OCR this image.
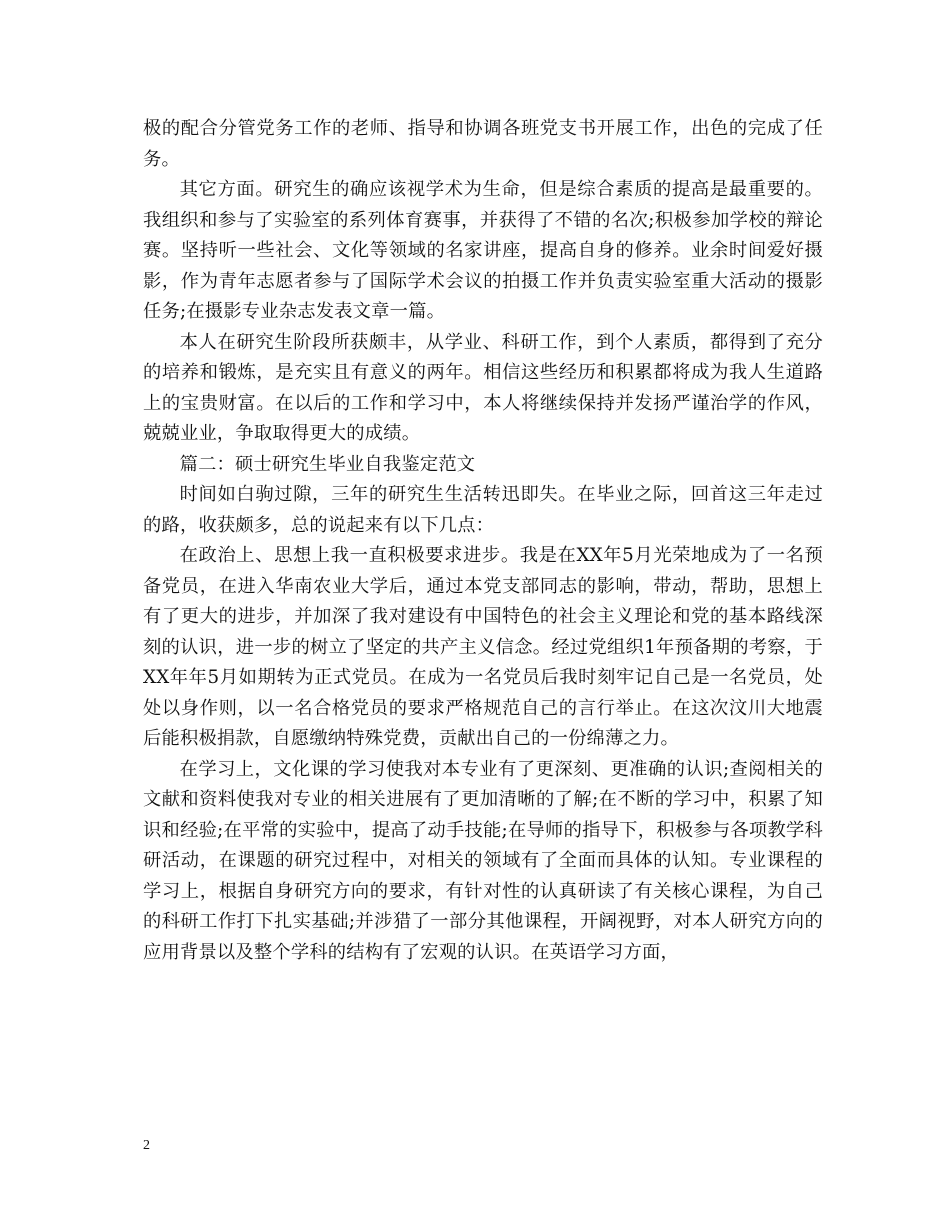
极的配合分管党务工作的老师、指导和协调各班党支书开展工作，出色的完成了任务。

其它方面。研究生的确应该视学术为生命，但是综合素质的提高是最重要的。我组织和参与了实验室的系列体育赛事，并获得了不错的名次;积极参加学校的辩论赛。坚持听一些社会、文化等领域的名家讲座，提高自身的修养。业余时间爱好摄影，作为青年志愿者参与了国际学术会议的拍摄工作并负责实验室重大活动的摄影任务;在摄影专业杂志发表文章一篇。

本人在研究生阶段所获颇丰，从学业、科研工作，到个人素质，都得到了充分的培养和锻炼，是充实且有意义的两年。相信这些经历和积累都将成为我人生道路上的宝贵财富。在以后的工作和学习中，本人将继续保持并发扬严谨治学的作风，兢兢业业，争取取得更大的成绩。

篇二：硕士研究生毕业自我鉴定范文

时间如白驹过隙，三年的研究生生活转迅即失。在毕业之际，回首这三年走过的路，收获颇多，总的说起来有以下几点：

在政治上、思想上我一直积极要求进步。我是在XX年5月光荣地成为了一名预备党员，在进入华南农业大学后，通过本党支部同志的影响，带动，帮助，思想上有了更大的进步，并加深了我对建设有中国特色的社会主义理论和党的基本路线深刻的认识，进一步的树立了坚定的共产主义信念。经过党组织1年预备期的考察，于XX年年5月如期转为正式党员。在成为一名党员后我时刻牢记自己是一名党员，处处以身作则，以一名合格党员的要求严格规范自己的言行举止。在这次汶川大地震后能积极捐款，自愿缴纳特殊党费，贡献出自己的一份绵薄之力。

在学习上，文化课的学习使我对本专业有了更深刻、更准确的认识;查阅相关的文献和资料使我对专业的相关进展有了更加清晰的了解;在不断的学习中，积累了知识和经验;在平常的实验中，提高了动手技能;在导师的指导下，积极参与各项教学科研活动，在课题的研究过程中，对相关的领域有了全面而具体的认知。专业课程的学习上，根据自身研究方向的要求，有针对性的认真研读了有关核心课程，为自己的科研工作打下扎实基础;并涉猎了一部分其他课程，开阔视野，对本人研究方向的应用背景以及整个学科的结构有了宏观的认识。在英语学习方面，

2
